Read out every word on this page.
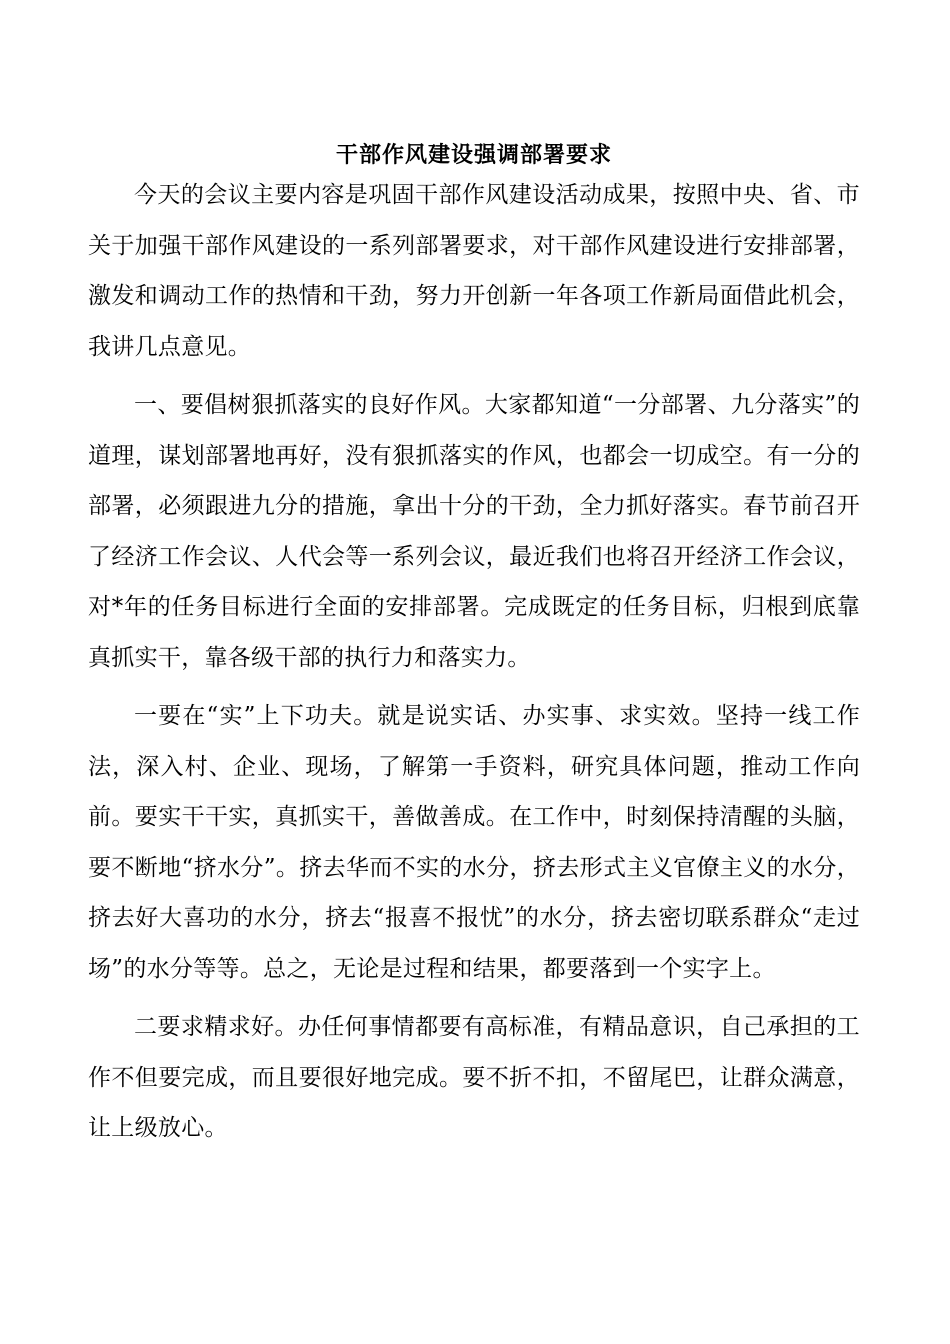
干部作风建设强调部署要求

今天的会议主要内容是巩固干部作风建设活动成果，按照中央、省、市关于加强干部作风建设的一系列部署要求，对干部作风建设进行安排部署，激发和调动工作的热情和干劲，努力开创新一年各项工作新局面借此机会，我讲几点意见。

一、要倡树狠抓落实的良好作风。大家都知道“一分部署、九分落实”的道理，谋划部署地再好，没有狠抓落实的作风，也都会一切成空。有一分的部署，必须跟进九分的措施，拿出十分的干劲，全力抓好落实。春节前召开了经济工作会议、人代会等一系列会议，最近我们也将召开经济工作会议，对*年的任务目标进行全面的安排部署。完成既定的任务目标，归根到底靠真抓实干，靠各级干部的执行力和落实力。

一要在“实”上下功夫。就是说实话、办实事、求实效。坚持一线工作法，深入村、企业、现场，了解第一手资料，研究具体问题，推动工作向前。要实干干实，真抓实干，善做善成。在工作中，时刻保持清醒的头脑，要不断地“挤水分”。挤去华而不实的水分，挤去形式主义官僚主义的水分，挤去好大喜功的水分，挤去“报喜不报忧”的水分，挤去密切联系群众“走过场”的水分等等。总之，无论是过程和结果，都要落到一个实字上。

二要求精求好。办任何事情都要有高标准，有精品意识，自己承担的工作不但要完成，而且要很好地完成。要不折不扣，不留尾巴，让群众满意，让上级放心。
